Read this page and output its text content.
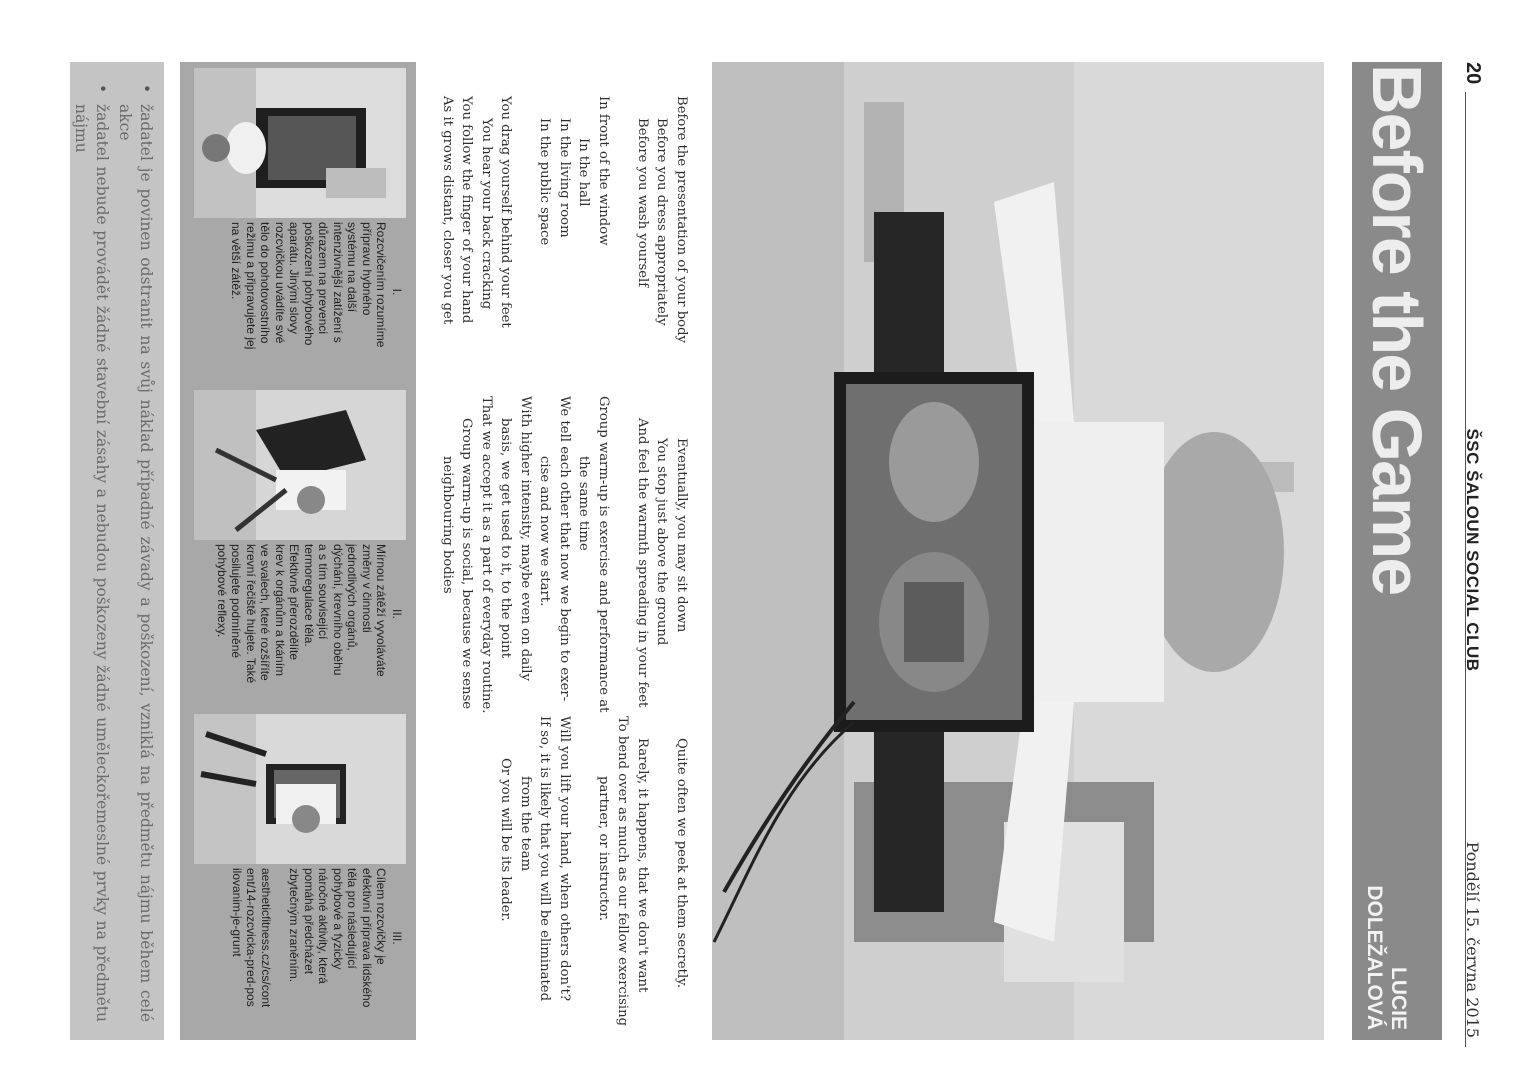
20
ŠSC ŠALOUN SOCIAL CLUB
Pondělí 15. června 2015
Before the Game
LUCIE DOLEŽALOVÁ
Before the presentation of your body
Before you dress appropriately
Before you wash yourself

In front of the window
In the hall
In the living room
In the public space

You drag yourself behind your feet
You hear your back cracking
You follow the finger of your hand
As it grows distant, closer you get
Eventually, you may sit down
You stop just above the ground
And feel the warmth spreading in your feet

Group warm-up is exercise and performance at
the same time
We tell each other that now we begin to exer-
cise and now we start.
With higher intensity, maybe even on daily
basis, we get used to it, to the point
That we accept it as a part of everyday routine.
Group warm-up is social, because we sense
neighbouring bodies
Quite often we peek at them secretly.

Rarely, it happens, that we don't want
To bend over as much as our fellow exercising
partner, or instructor.

Will you lift your hand, when others don't?
If so, it is likely that you will be eliminated
from the team
Or you will be its leader.
I.
Rozcvičením rozumíme přípravu hybného systému na další intenzivnější zatížení s důrazem na prevenci poškození pohybového aparátu. Jinými slovy rozcvičkou uvádíte své tělo do pohotovostního režimu a připravujete jej na větší zátěž.
II.
Mírnou zátěží vyvoláváte změny v činnosti jednotlivých orgánů, dýchání, krevního oběhu a s tím související termoregulace těla. Efektivně přerozdělíte krev k orgánům a tkáním ve svalech, které rozšíříte krevní řečiště hujete. Také posilujete podmíněné pohybové reflexy.
III.
Cílem rozcvičky je efektivní příprava lidského těla pro následující pohybové a fyzicky náročné aktivity, která pomáhá předcházet zbytečným zraněním.
aestheticfitness.cz/cs/content/14-rozcvicka-pred-posilovanim-je-grunt
• žadatel je povinen odstranit na svůj náklad případné závady a poškození, vzniklá na předmětu nájmu během celé akce
• žadatel nebude provádět žádné stavební zásahy a nebudou poškozeny žádné uměleckořemeslné prvky na předmětu nájmu
